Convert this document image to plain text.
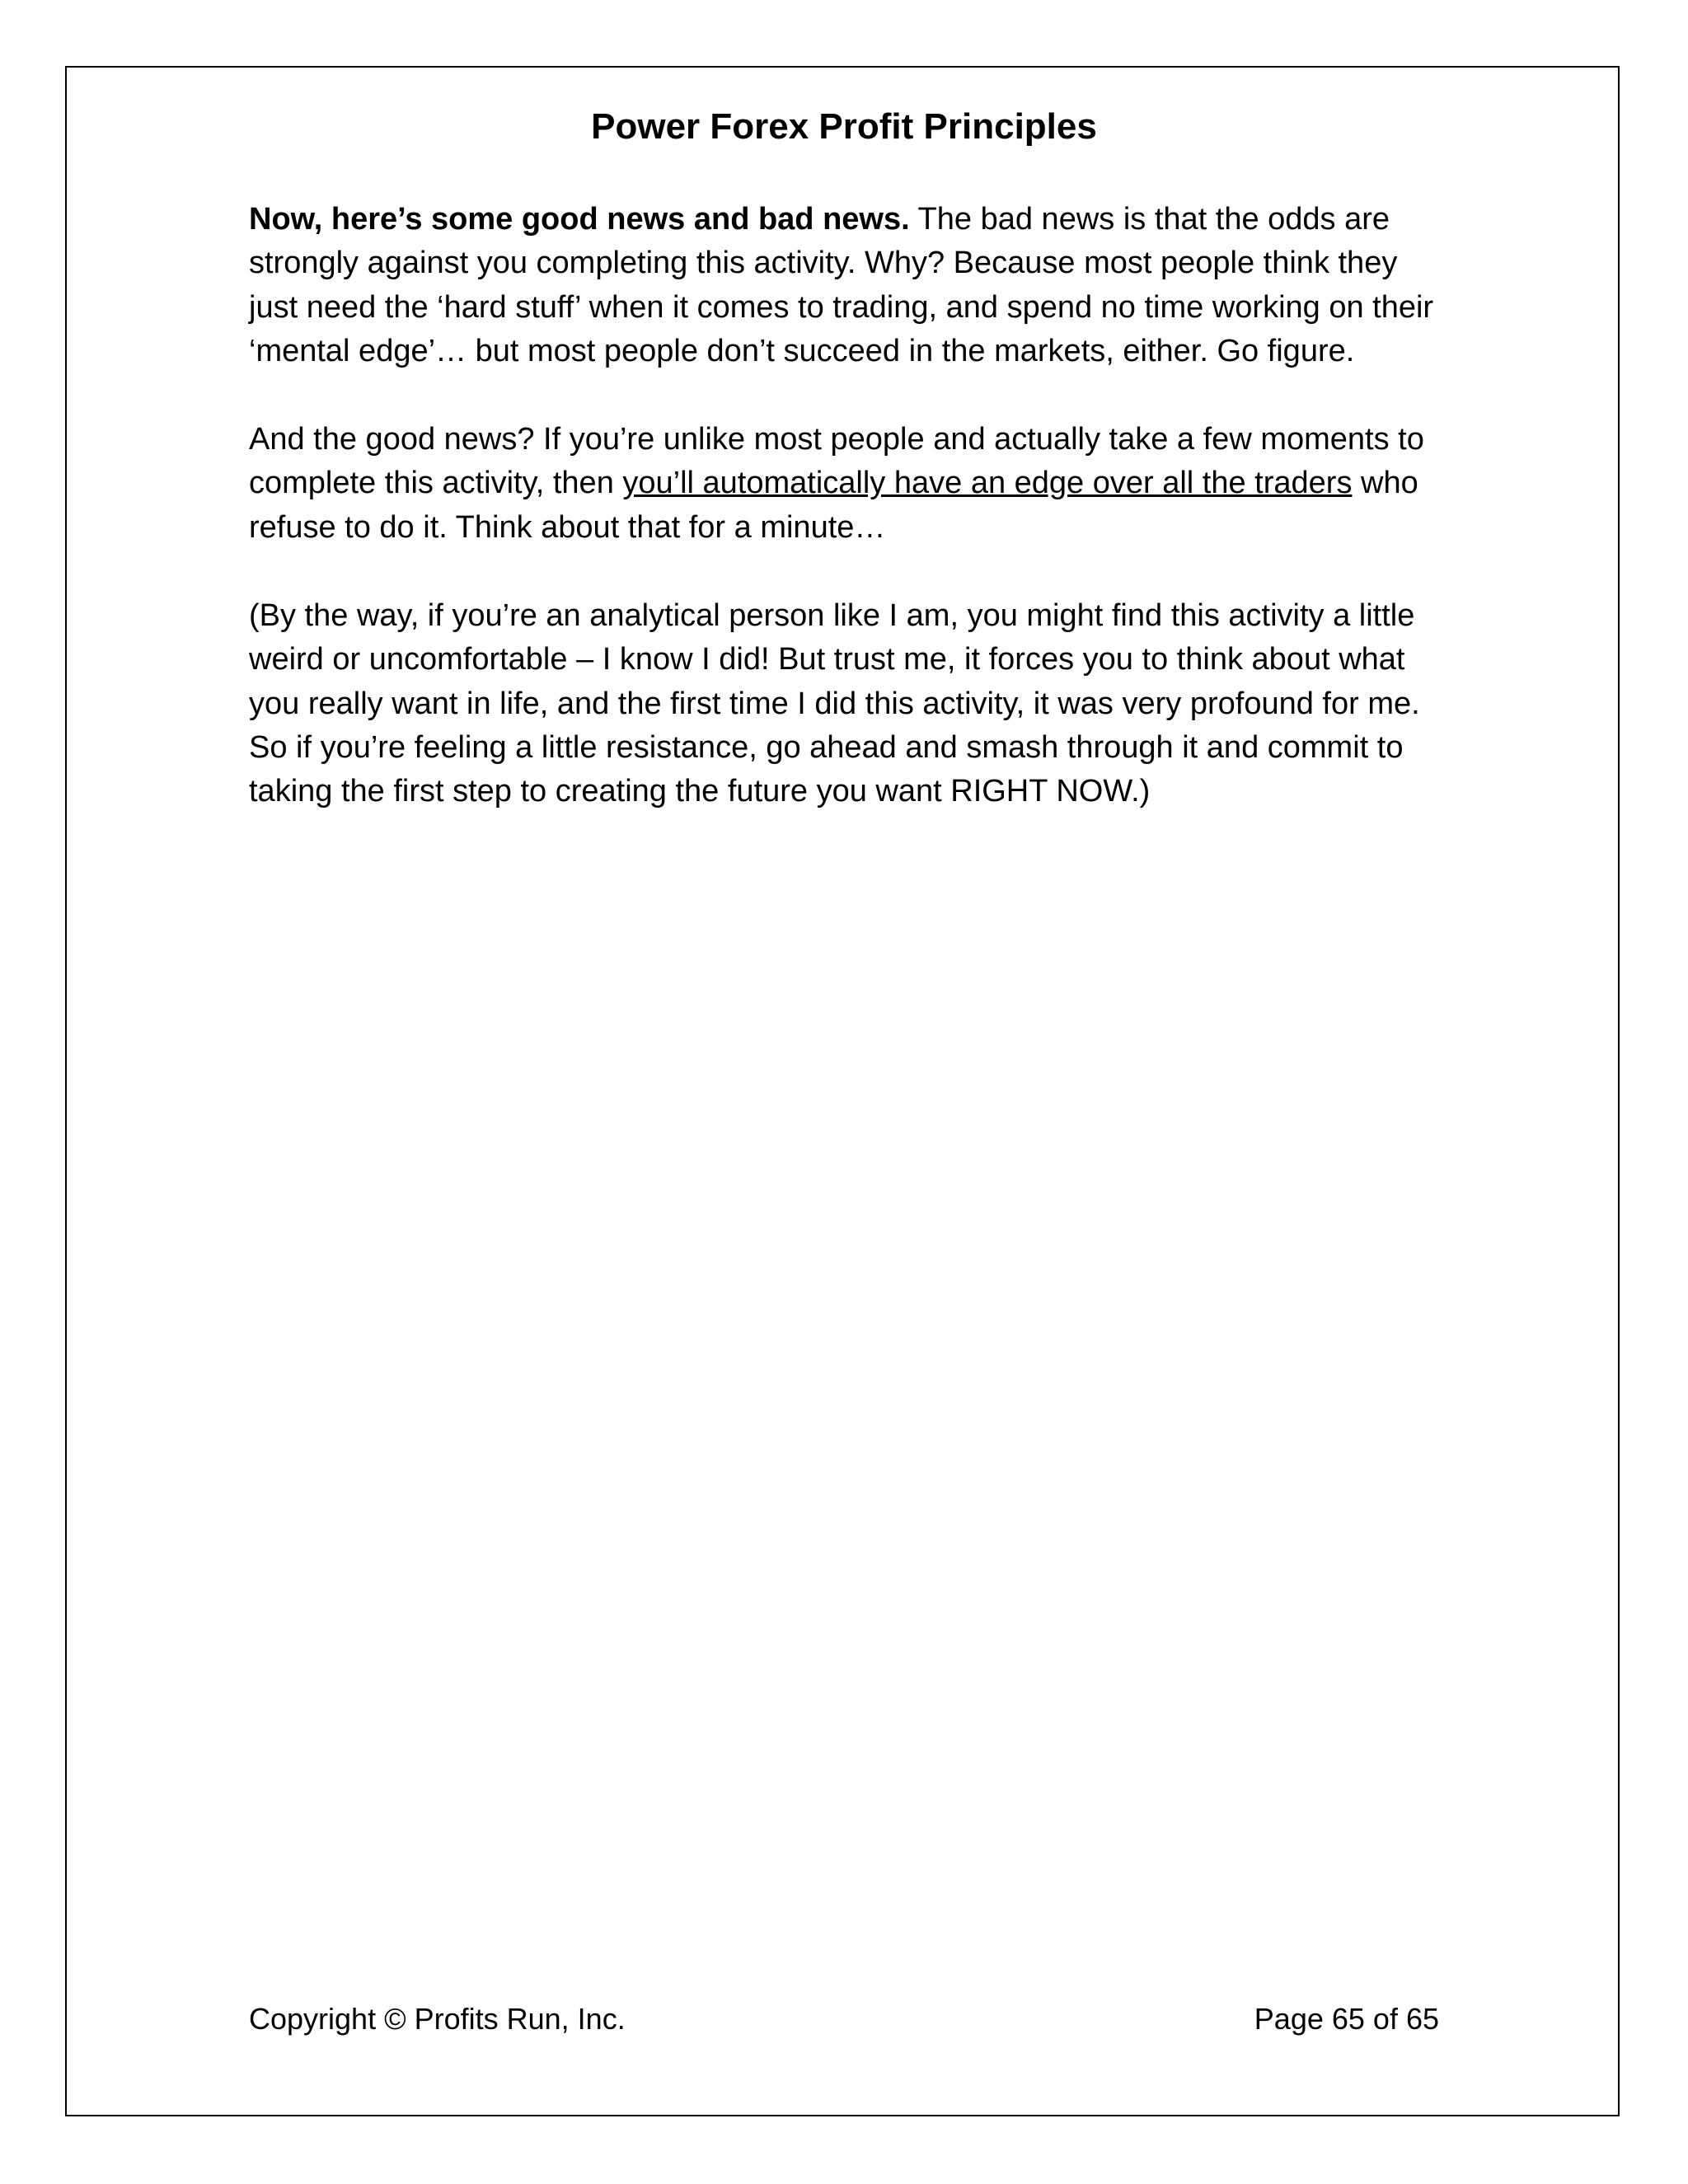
Power Forex Profit Principles

Now, here’s some good news and bad news. The bad news is that the odds are strongly against you completing this activity. Why? Because most people think they just need the ‘hard stuff’ when it comes to trading, and spend no time working on their ‘mental edge’… but most people don’t succeed in the markets, either. Go figure.

And the good news? If you’re unlike most people and actually take a few moments to complete this activity, then you’ll automatically have an edge over all the traders who refuse to do it. Think about that for a minute…

(By the way, if you’re an analytical person like I am, you might find this activity a little weird or uncomfortable – I know I did! But trust me, it forces you to think about what you really want in life, and the first time I did this activity, it was very profound for me. So if you’re feeling a little resistance, go ahead and smash through it and commit to taking the first step to creating the future you want RIGHT NOW.)

Copyright © Profits Run, Inc.	Page 65 of 65
